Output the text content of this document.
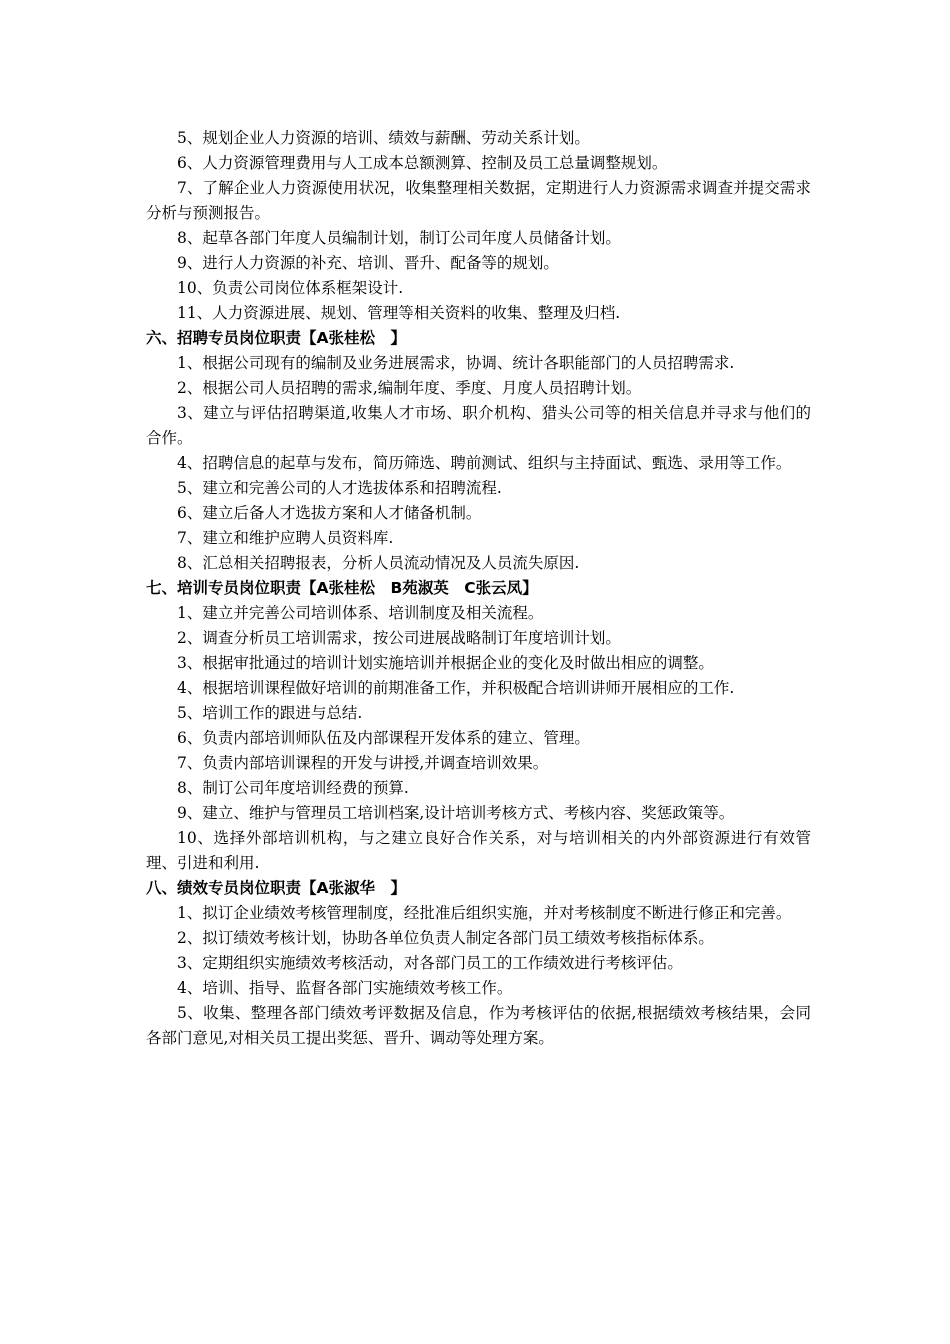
5、规划企业人力资源的培训、绩效与薪酬、劳动关系计划。

6、人力资源管理费用与人工成本总额测算、控制及员工总量调整规划。

7、了解企业人力资源使用状况，收集整理相关数据，定期进行人力资源需求调查并提交需求分析与预测报告。

8、起草各部门年度人员编制计划，制订公司年度人员储备计划。

9、进行人力资源的补充、培训、晋升、配备等的规划。

10、负责公司岗位体系框架设计.

11、人力资源进展、规划、管理等相关资料的收集、整理及归档.

六、招聘专员岗位职责【A张桂松　】

1、根据公司现有的编制及业务进展需求，协调、统计各职能部门的人员招聘需求.

2、根据公司人员招聘的需求,编制年度、季度、月度人员招聘计划。

3、建立与评估招聘渠道,收集人才市场、职介机构、猎头公司等的相关信息并寻求与他们的合作。

4、招聘信息的起草与发布，简历筛选、聘前测试、组织与主持面试、甄选、录用等工作。

5、建立和完善公司的人才选拔体系和招聘流程.

6、建立后备人才选拔方案和人才储备机制。

7、建立和维护应聘人员资料库.

8、汇总相关招聘报表，分析人员流动情况及人员流失原因.

七、培训专员岗位职责【A张桂松　B苑淑英　C张云凤】

1、建立并完善公司培训体系、培训制度及相关流程。

2、调查分析员工培训需求，按公司进展战略制订年度培训计划。

3、根据审批通过的培训计划实施培训并根据企业的变化及时做出相应的调整。

4、根据培训课程做好培训的前期准备工作，并积极配合培训讲师开展相应的工作.

5、培训工作的跟进与总结.

6、负责内部培训师队伍及内部课程开发体系的建立、管理。

7、负责内部培训课程的开发与讲授,并调查培训效果。

8、制订公司年度培训经费的预算.

9、建立、维护与管理员工培训档案,设计培训考核方式、考核内容、奖惩政策等。

10、选择外部培训机构，与之建立良好合作关系，对与培训相关的内外部资源进行有效管理、引进和利用.

八、绩效专员岗位职责【A张淑华　】

1、拟订企业绩效考核管理制度，经批准后组织实施，并对考核制度不断进行修正和完善。

2、拟订绩效考核计划，协助各单位负责人制定各部门员工绩效考核指标体系。

3、定期组织实施绩效考核活动，对各部门员工的工作绩效进行考核评估。

4、培训、指导、监督各部门实施绩效考核工作。

5、收集、整理各部门绩效考评数据及信息，作为考核评估的依据,根据绩效考核结果，会同各部门意见,对相关员工提出奖惩、晋升、调动等处理方案。
